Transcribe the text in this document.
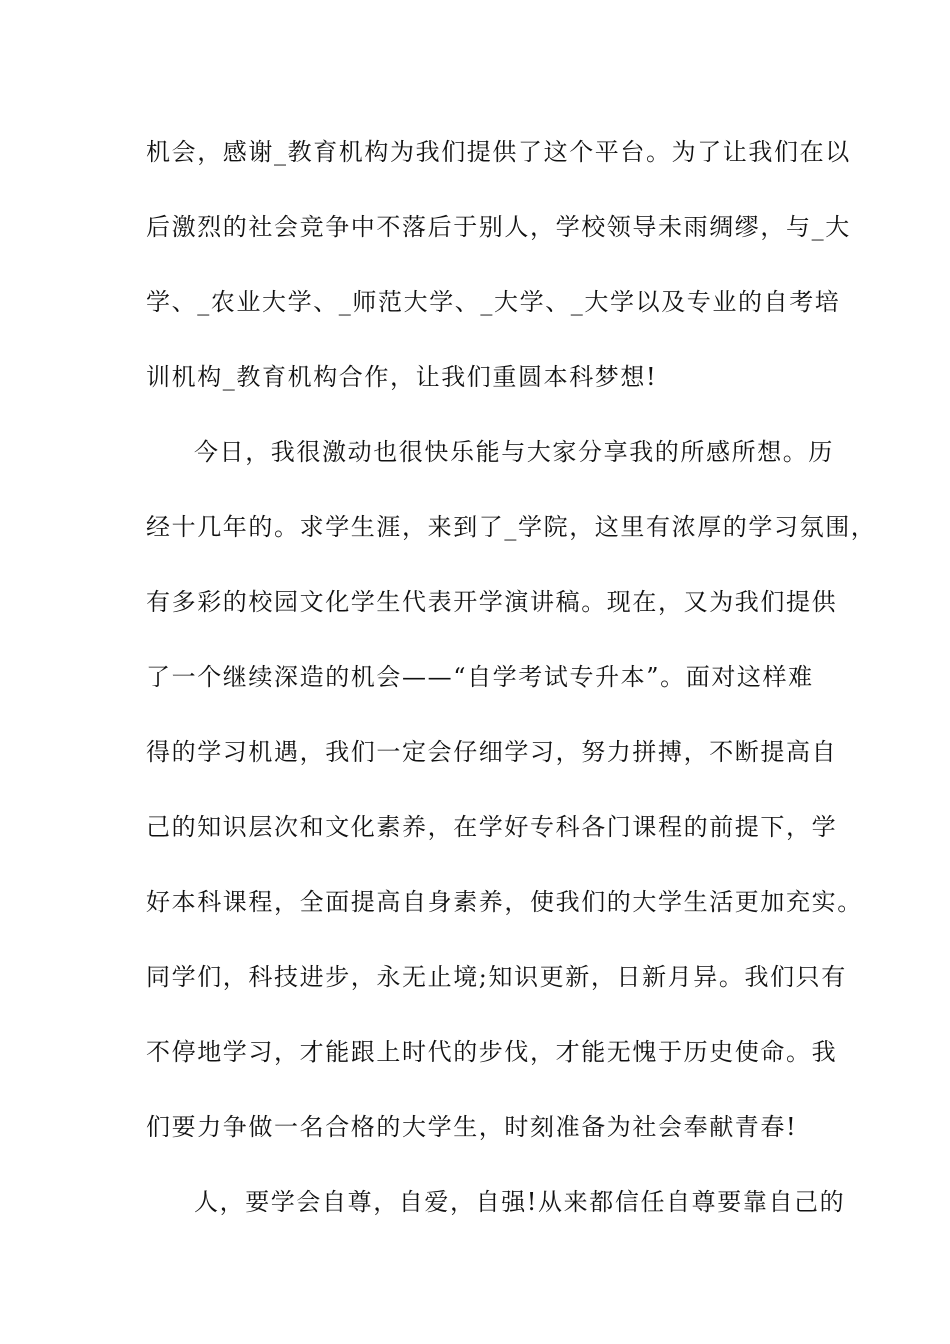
机会，感谢_教育机构为我们提供了这个平台。为了让我们在以
后激烈的社会竞争中不落后于别人，学校领导未雨绸缪，与_大
学、_农业大学、_师范大学、_大学、_大学以及专业的自考培
训机构_教育机构合作，让我们重圆本科梦想!
今日，我很激动也很快乐能与大家分享我的所感所想。历
经十几年的。求学生涯，来到了_学院，这里有浓厚的学习氛围，
有多彩的校园文化学生代表开学演讲稿。现在，又为我们提供
了一个继续深造的机会——“自学考试专升本”。面对这样难
得的学习机遇，我们一定会仔细学习，努力拼搏，不断提高自
己的知识层次和文化素养，在学好专科各门课程的前提下，学
好本科课程，全面提高自身素养，使我们的大学生活更加充实。
同学们，科技进步，永无止境;知识更新，日新月异。我们只有
不停地学习，才能跟上时代的步伐，才能无愧于历史使命。我
们要力争做一名合格的大学生，时刻准备为社会奉献青春!
人，要学会自尊，自爱，自强!从来都信任自尊要靠自己的
